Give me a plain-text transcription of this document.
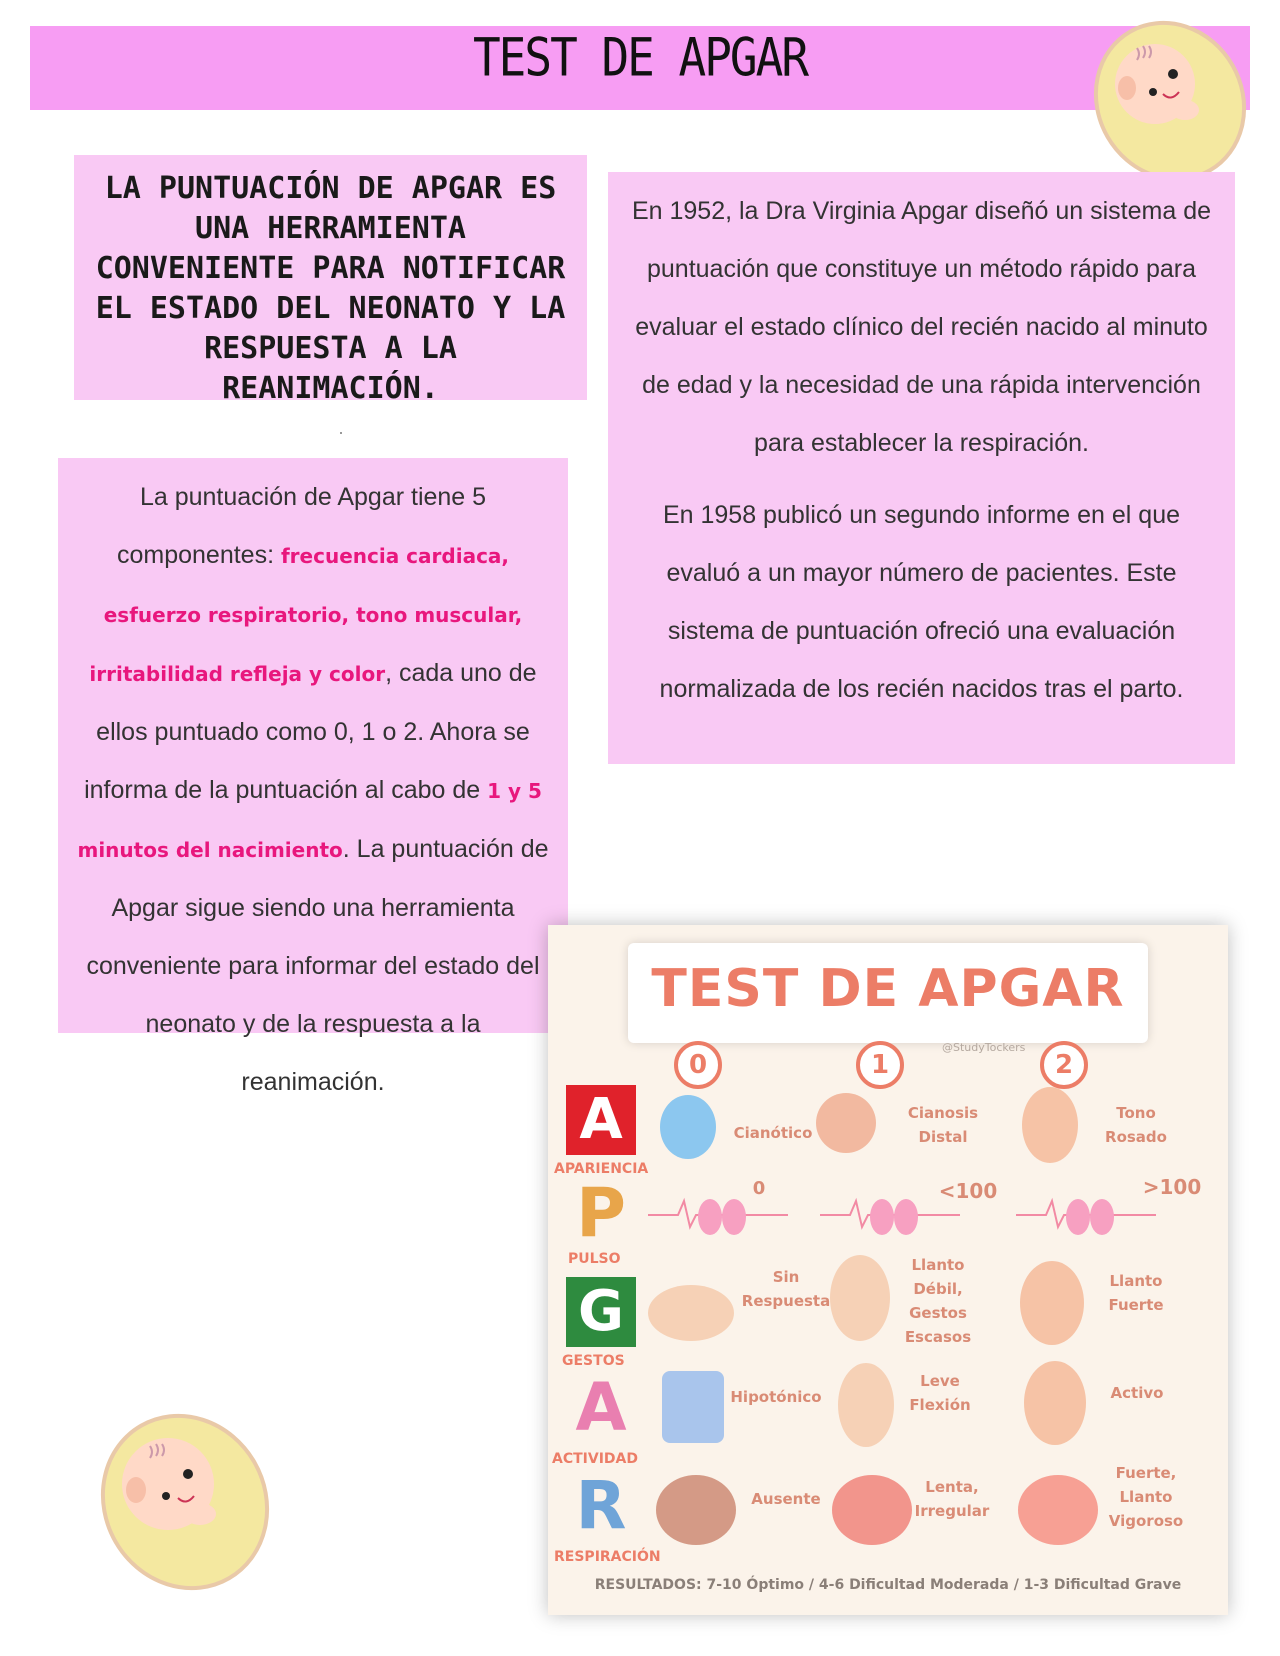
TEST DE APGAR

LA PUNTUACIÓN DE APGAR ES UNA HERRAMIENTA CONVENIENTE PARA NOTIFICAR EL ESTADO DEL NEONATO Y LA RESPUESTA A LA REANIMACIÓN.

En 1952, la Dra Virginia Apgar diseñó un sistema de puntuación que constituye un método rápido para evaluar el estado clínico del recién nacido al minuto de edad y la necesidad de una rápida intervención para establecer la respiración.

En 1958 publicó un segundo informe en el que evaluó a un mayor número de pacientes. Este sistema de puntuación ofreció una evaluación normalizada de los recién nacidos tras el parto.

La puntuación de Apgar tiene 5 componentes: frecuencia cardiaca, esfuerzo respiratorio, tono muscular, irritabilidad refleja y color, cada uno de ellos puntuado como 0, 1 o 2. Ahora se informa de la puntuación al cabo de 1 y 5 minutos del nacimiento. La puntuación de Apgar sigue siendo una herramienta conveniente para informar del estado del neonato y de la respuesta a la reanimación.
TEST DE APGAR
@StudyTockers
0	1	2
A
APARIENCIA
Cianótico
Cianosis Distal
Tono Rosado
P
PULSO
0	<100	>100
G
GESTOS
Sin Respuesta
Llanto Débil, Gestos Escasos
Llanto Fuerte
A
ACTIVIDAD
Hipotónico
Leve Flexión
Activo
R
RESPIRACIÓN
Ausente
Lenta, Irregular
Fuerte, Llanto Vigoroso
RESULTADOS: 7-10 Óptimo / 4-6 Dificultad Moderada / 1-3 Dificultad Grave
